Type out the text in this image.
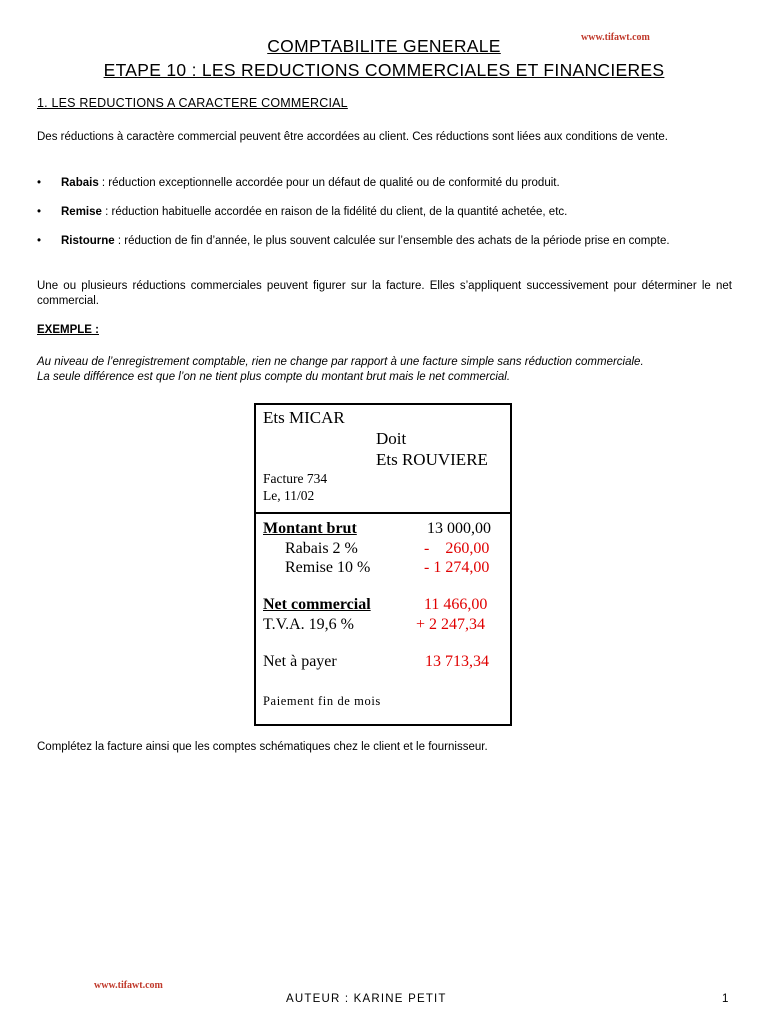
www.tifawt.com
COMPTABILITE GENERALE
ETAPE 10 : LES REDUCTIONS COMMERCIALES ET FINANCIERES
1. LES REDUCTIONS A CARACTERE COMMERCIAL
Des réductions à caractère commercial peuvent être accordées au client. Ces réductions sont liées aux conditions de vente.
• Rabais : réduction exceptionnelle accordée pour un défaut de qualité ou de conformité du produit.
• Remise : réduction habituelle accordée en raison de la fidélité du client, de la quantité achetée, etc.
• Ristourne : réduction de fin d’année, le plus souvent calculée sur l’ensemble des achats de la période prise en compte.
Une ou plusieurs réductions commerciales peuvent figurer sur la facture. Elles s’appliquent successivement pour déterminer le net commercial.
EXEMPLE :
Au niveau de l’enregistrement comptable, rien ne change par rapport à une facture simple sans réduction commerciale.
La seule différence est que l’on ne tient plus compte du montant brut mais le net commercial.
Ets MICAR
Doit
Ets ROUVIERE
Facture 734
Le, 11/02
Montant brut	13 000,00
Rabais 2 %	-    260,00
Remise 10 %	- 1 274,00
Net commercial	11 466,00
T.V.A. 19,6 %	+ 2 247,34
Net à payer	13 713,34
Paiement fin de mois
Complétez la facture ainsi que les comptes schématiques chez le client et le fournisseur.
www.tifawt.com
AUTEUR : KARINE PETIT	1
